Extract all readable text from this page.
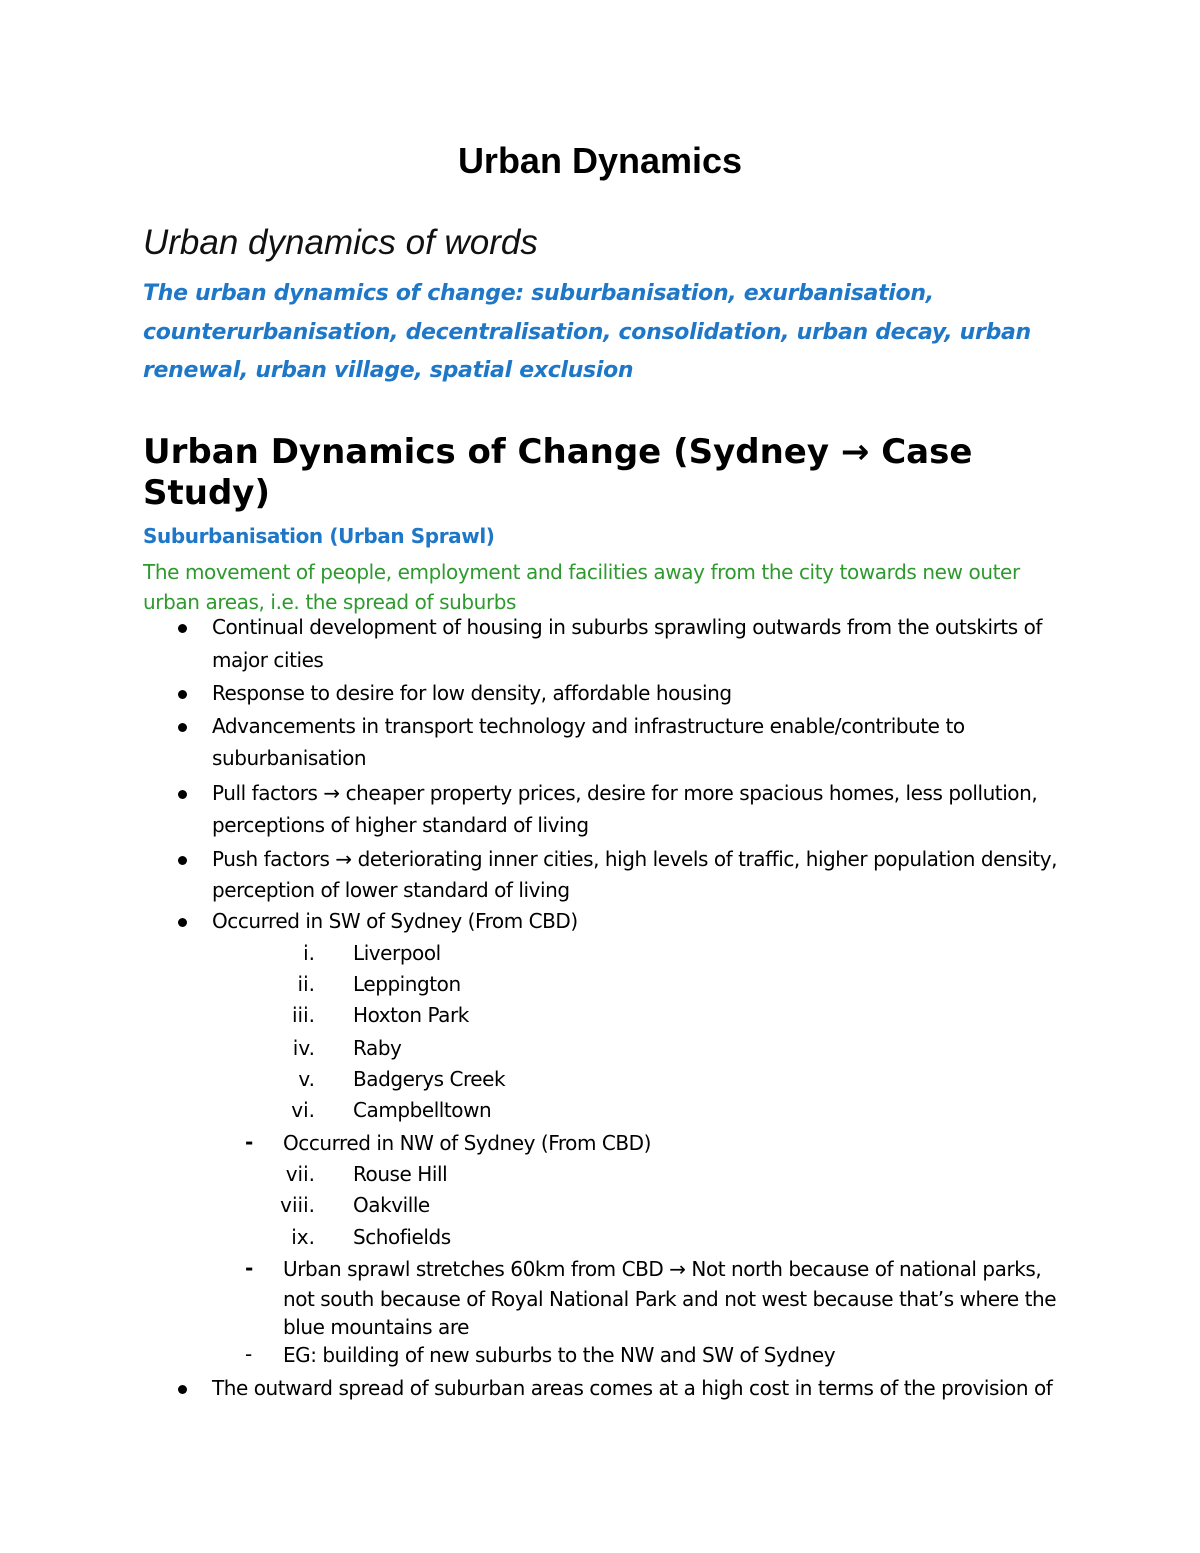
Urban Dynamics
Urban dynamics of words
The urban dynamics of change: suburbanisation, exurbanisation, counterurbanisation, decentralisation, consolidation, urban decay, urban renewal, urban village, spatial exclusion
Urban Dynamics of Change (Sydney → Case Study)
Suburbanisation (Urban Sprawl)
The movement of people, employment and facilities away from the city towards new outer urban areas, i.e. the spread of suburbs
Continual development of housing in suburbs sprawling outwards from the outskirts of
major cities
Response to desire for low density, affordable housing
Advancements in transport technology and infrastructure enable/contribute to
suburbanisation
Pull factors → cheaper property prices, desire for more spacious homes, less pollution,
perceptions of higher standard of living
Push factors → deteriorating inner cities, high levels of traffic, higher population density,
perception of lower standard of living
Occurred in SW of Sydney (From CBD)
i. Liverpool
ii. Leppington
iii. Hoxton Park
iv. Raby
v. Badgerys Creek
vi. Campbelltown
- Occurred in NW of Sydney (From CBD)
vii. Rouse Hill
viii. Oakville
ix. Schofields
- Urban sprawl stretches 60km from CBD → Not north because of national parks,
not south because of Royal National Park and not west because that’s where the
blue mountains are
- EG: building of new suburbs to the NW and SW of Sydney
The outward spread of suburban areas comes at a high cost in terms of the provision of
